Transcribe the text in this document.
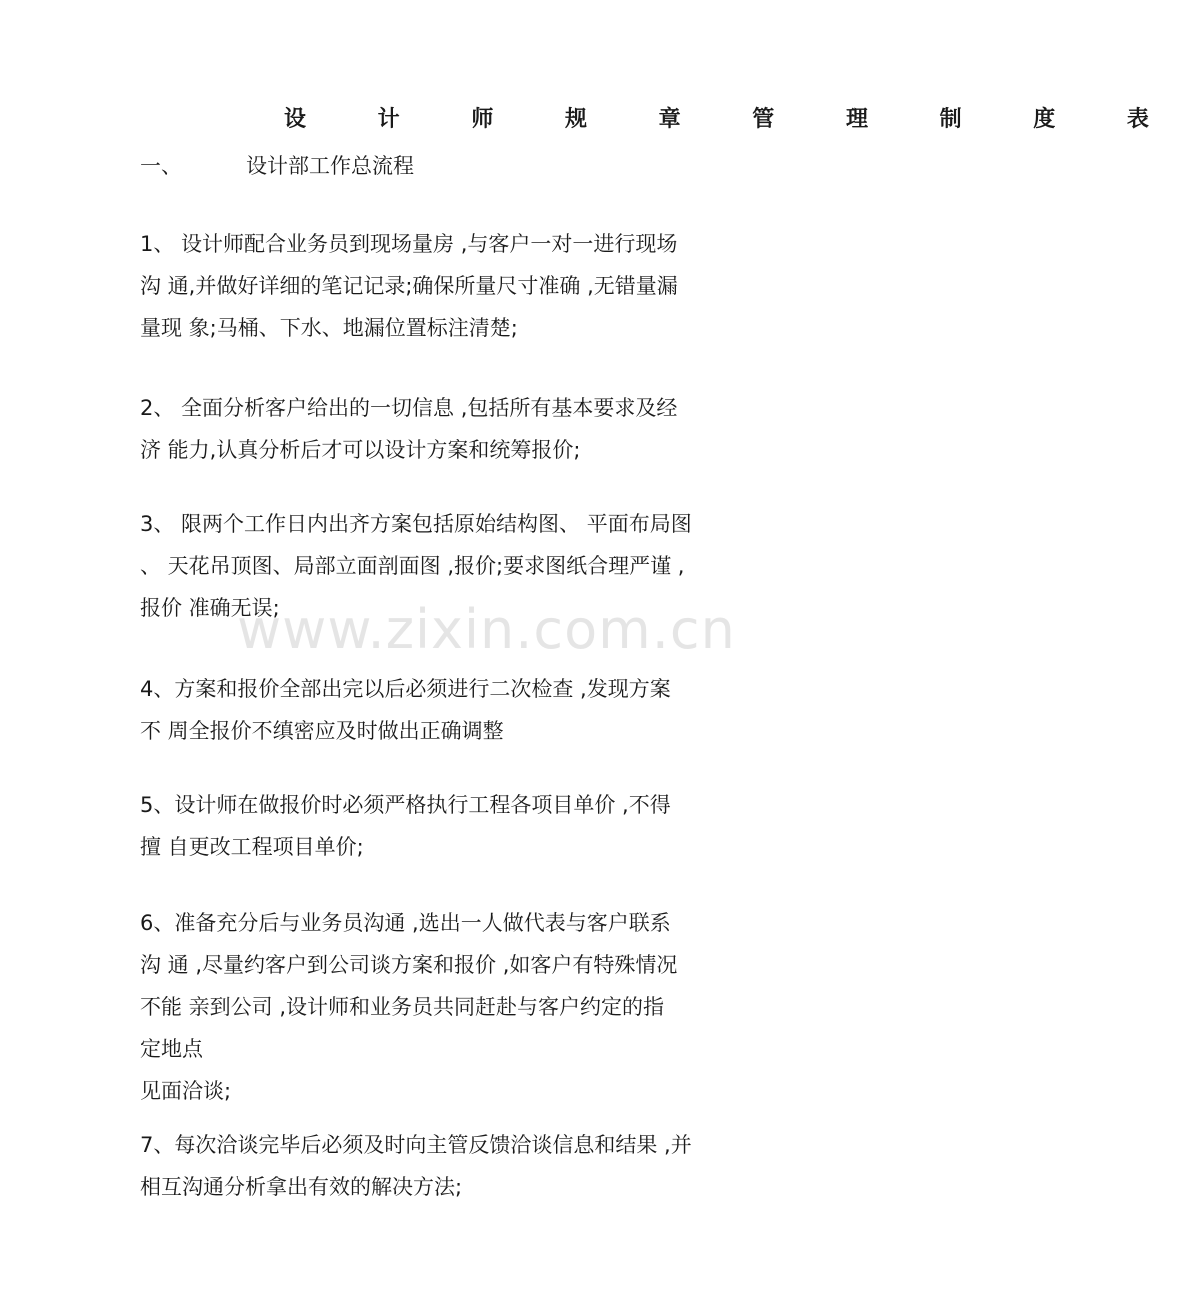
设 计 师 规 章 管 理 制 度 表
一、	设计部工作总流程
1、 设计师配合业务员到现场量房 ,与客户一对一进行现场
沟 通,并做好详细的笔记记录;确保所量尺寸准确 ,无错量漏
量现 象;马桶、下水、地漏位置标注清楚;
2、 全面分析客户给出的一切信息 ,包括所有基本要求及经
济 能力,认真分析后才可以设计方案和统筹报价;
3、 限两个工作日内出齐方案包括原始结构图、 平面布局图
、 天花吊顶图、局部立面剖面图 ,报价;要求图纸合理严谨 ,
报价 准确无误;
4、方案和报价全部出完以后必须进行二次检查 ,发现方案
不 周全报价不缜密应及时做出正确调整
5、设计师在做报价时必须严格执行工程各项目单价 ,不得
擅 自更改工程项目单价;
6、准备充分后与业务员沟通 ,选出一人做代表与客户联系
沟 通 ,尽量约客户到公司谈方案和报价 ,如客户有特殊情况
不能 亲到公司 ,设计师和业务员共同赶赴与客户约定的指
定地点
见面洽谈;
7、每次洽谈完毕后必须及时向主管反馈洽谈信息和结果 ,并
相互沟通分析拿出有效的解决方法;
www.zixin.com.cn
